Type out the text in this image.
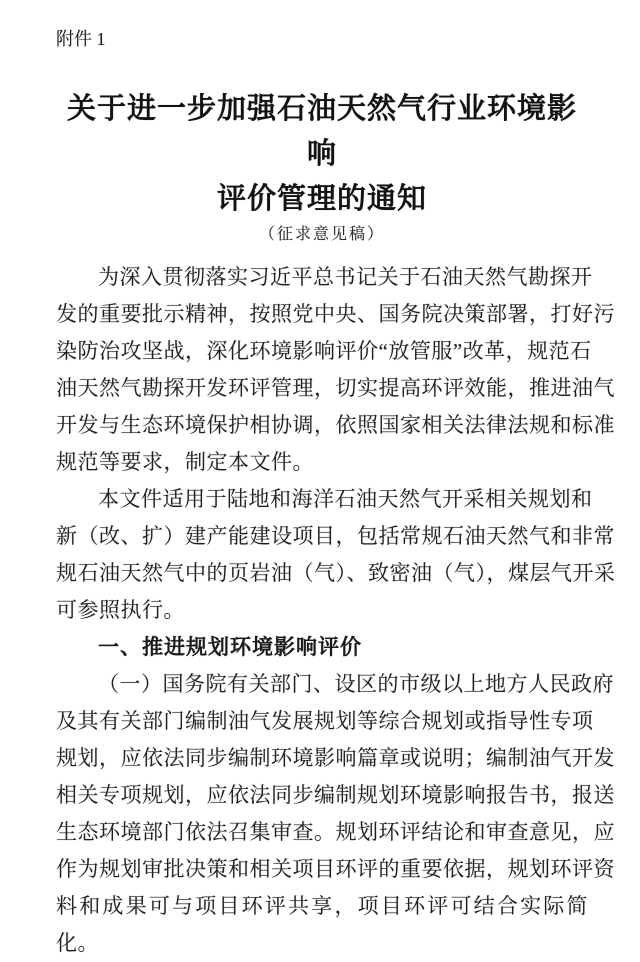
附件 1
关于进一步加强石油天然气行业环境影响
评价管理的通知
（征求意见稿）
为深入贯彻落实习近平总书记关于石油天然气勘探开
发的重要批示精神，按照党中央、国务院决策部署，打好污
染防治攻坚战，深化环境影响评价“放管服”改革，规范石
油天然气勘探开发环评管理，切实提高环评效能，推进油气
开发与生态环境保护相协调，依照国家相关法律法规和标准
规范等要求，制定本文件。
本文件适用于陆地和海洋石油天然气开采相关规划和
新（改、扩）建产能建设项目，包括常规石油天然气和非常
规石油天然气中的页岩油（气）、致密油（气），煤层气开采
可参照执行。
一、推进规划环境影响评价
（一）国务院有关部门、设区的市级以上地方人民政府
及其有关部门编制油气发展规划等综合规划或指导性专项
规划，应依法同步编制环境影响篇章或说明；编制油气开发
相关专项规划，应依法同步编制规划环境影响报告书，报送
生态环境部门依法召集审查。规划环评结论和审查意见，应
作为规划审批决策和相关项目环评的重要依据，规划环评资
料和成果可与项目环评共享，项目环评可结合实际简化。
